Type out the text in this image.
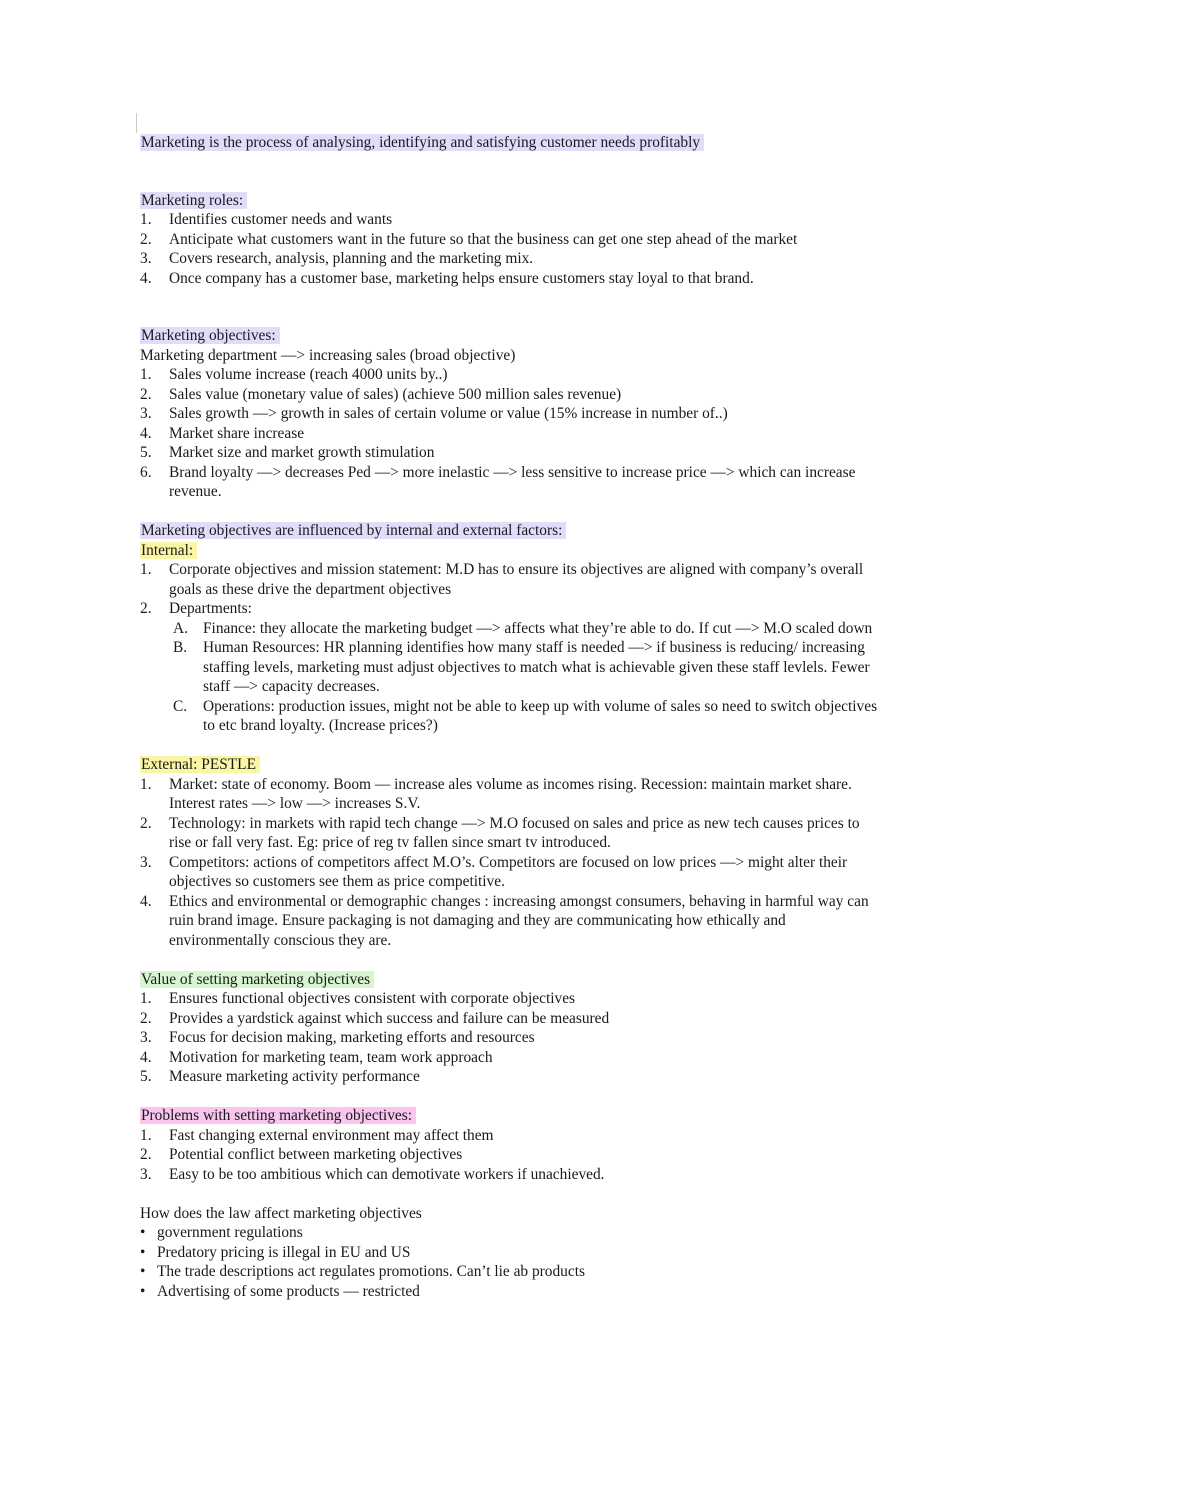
Marketing is the process of analysing, identifying and satisfying customer needs profitably
Marketing roles:
1.	Identifies customer needs and wants
2.	Anticipate what customers want in the future so that the business can get one step ahead of the market
3.	Covers research, analysis, planning and the marketing mix.
4.	Once company has a customer base, marketing helps ensure customers stay loyal to that brand.
Marketing objectives:
Marketing department —> increasing sales (broad objective)
1.	Sales volume increase (reach 4000 units by..)
2.	Sales value (monetary value of sales) (achieve 500 million sales revenue)
3.	Sales growth —> growth in sales of certain volume or value (15% increase in number of..)
4.	Market share increase
5.	Market size and market growth stimulation
6.	Brand loyalty —> decreases Ped —> more inelastic —> less sensitive to increase price —> which can increase
revenue.
Marketing objectives are influenced by internal and external factors:
Internal:
1.	Corporate objectives and mission statement: M.D has to ensure its objectives are aligned with company’s overall
goals as these drive the department objectives
2.	Departments:
A. Finance: they allocate the marketing budget —> affects what they’re able to do. If cut —> M.O scaled down
B.	Human Resources: HR planning identifies how many staff is needed —> if business is reducing/ increasing
staffing levels, marketing must adjust objectives to match what is achievable given these staff levlels. Fewer
staff —> capacity decreases.
C.	Operations: production issues, might not be able to keep up with volume of sales so need to switch objectives
to etc brand loyalty. (Increase prices?)
External: PESTLE
1.	Market: state of economy. Boom — increase ales volume as incomes rising. Recession: maintain market share.
Interest rates —> low —> increases S.V.
2.	Technology: in markets with rapid tech change —> M.O focused on sales and price as new tech causes prices to
rise or fall very fast. Eg: price of reg tv fallen since smart tv introduced.
3.	Competitors: actions of competitors affect M.O’s. Competitors are focused on low prices —> might alter their
objectives so customers see them as price competitive.
4.	Ethics and environmental or demographic changes : increasing amongst consumers, behaving in harmful way can
ruin brand image. Ensure packaging is not damaging and they are communicating how ethically and
environmentally conscious they are.
Value of setting marketing objectives
1.	Ensures functional objectives consistent with corporate objectives
2.	Provides a yardstick against which success and failure can be measured
3.	Focus for decision making, marketing efforts and resources
4.	Motivation for marketing team, team work approach
5.	Measure marketing activity performance
Problems with setting marketing objectives:
1.	Fast changing external environment may affect them
2.	Potential conflict between marketing objectives
3.	Easy to be too ambitious which can demotivate workers if unachieved.
How does the law affect marketing objectives
• government regulations
• Predatory pricing is illegal in EU and US
• The trade descriptions act regulates promotions. Can’t lie ab products
• Advertising of some products — restricted
